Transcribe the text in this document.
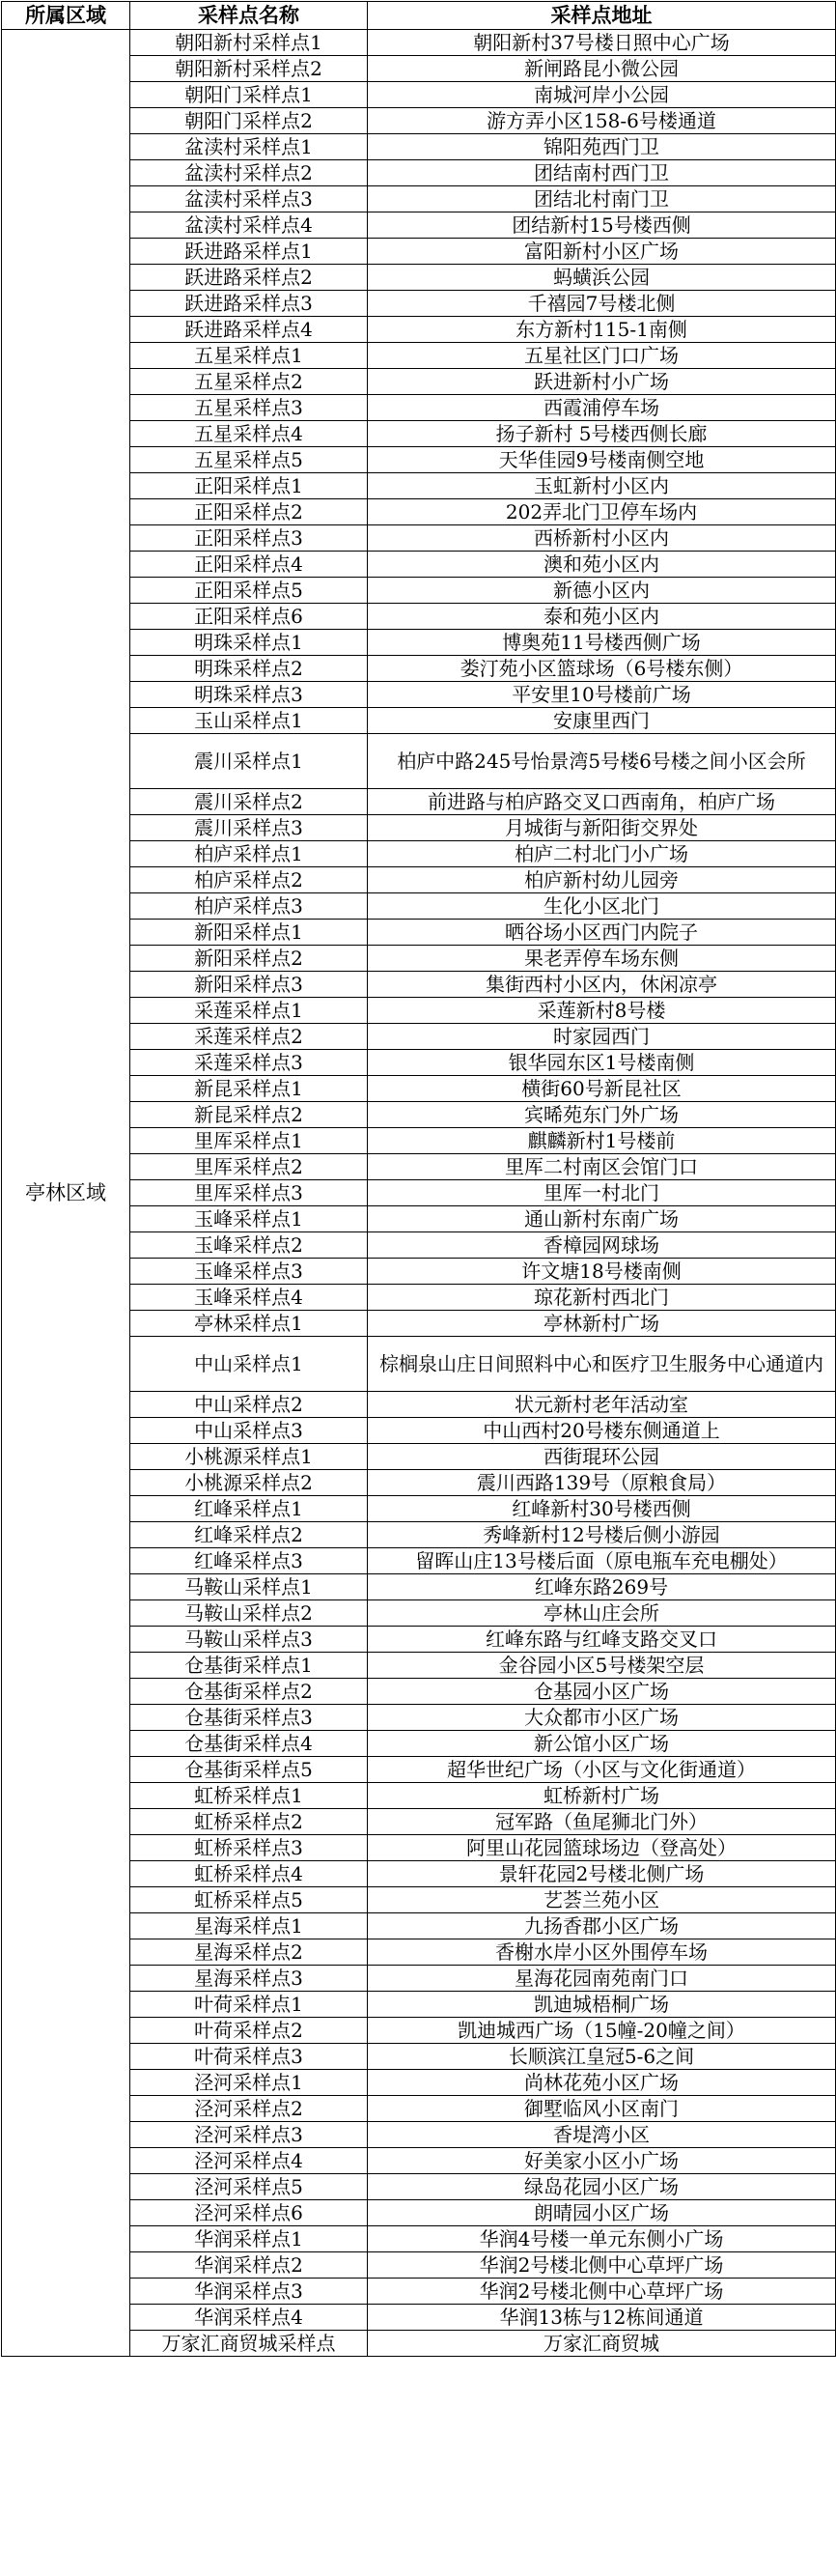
所属区域	采样点名称	采样点地址
亭林区域	朝阳新村采样点1	朝阳新村37号楼日照中心广场
	朝阳新村采样点2	新闸路昆小微公园
	朝阳门采样点1	南城河岸小公园
	朝阳门采样点2	游方弄小区158-6号楼通道
	盆渎村采样点1	锦阳苑西门卫
	盆渎村采样点2	团结南村西门卫
	盆渎村采样点3	团结北村南门卫
	盆渎村采样点4	团结新村15号楼西侧
	跃进路采样点1	富阳新村小区广场
	跃进路采样点2	蚂蟥浜公园
	跃进路采样点3	千禧园7号楼北侧
	跃进路采样点4	东方新村115-1南侧
	五星采样点1	五星社区门口广场
	五星采样点2	跃进新村小广场
	五星采样点3	西霞浦停车场
	五星采样点4	扬子新村 5号楼西侧长廊
	五星采样点5	天华佳园9号楼南侧空地
	正阳采样点1	玉虹新村小区内
	正阳采样点2	202弄北门卫停车场内
	正阳采样点3	西桥新村小区内
	正阳采样点4	澳和苑小区内
	正阳采样点5	新德小区内
	正阳采样点6	泰和苑小区内
	明珠采样点1	博奥苑11号楼西侧广场
	明珠采样点2	娄汀苑小区篮球场（6号楼东侧）
	明珠采样点3	平安里10号楼前广场
	玉山采样点1	安康里西门
	震川采样点1	柏庐中路245号怡景湾5号楼6号楼之间小区会所
	震川采样点2	前进路与柏庐路交叉口西南角，柏庐广场
	震川采样点3	月城街与新阳街交界处
	柏庐采样点1	柏庐二村北门小广场
	柏庐采样点2	柏庐新村幼儿园旁
	柏庐采样点3	生化小区北门
	新阳采样点1	晒谷场小区西门内院子
	新阳采样点2	果老弄停车场东侧
	新阳采样点3	集街西村小区内，休闲凉亭
	采莲采样点1	采莲新村8号楼
	采莲采样点2	时家园西门
	采莲采样点3	银华园东区1号楼南侧
	新昆采样点1	横街60号新昆社区
	新昆采样点2	宾晞苑东门外广场
	里厍采样点1	麒麟新村1号楼前
	里厍采样点2	里厍二村南区会馆门口
	里厍采样点3	里厍一村北门
	玉峰采样点1	通山新村东南广场
	玉峰采样点2	香樟园网球场
	玉峰采样点3	许文塘18号楼南侧
	玉峰采样点4	琼花新村西北门
	亭林采样点1	亭林新村广场
	中山采样点1	棕榈泉山庄日间照料中心和医疗卫生服务中心通道内
	中山采样点2	状元新村老年活动室
	中山采样点3	中山西村20号楼东侧通道上
	小桃源采样点1	西街琨环公园
	小桃源采样点2	震川西路139号（原粮食局）
	红峰采样点1	红峰新村30号楼西侧
	红峰采样点2	秀峰新村12号楼后侧小游园
	红峰采样点3	留晖山庄13号楼后面（原电瓶车充电棚处）
	马鞍山采样点1	红峰东路269号
	马鞍山采样点2	亭林山庄会所
	马鞍山采样点3	红峰东路与红峰支路交叉口
	仓基街采样点1	金谷园小区5号楼架空层
	仓基街采样点2	仓基园小区广场
	仓基街采样点3	大众都市小区广场
	仓基街采样点4	新公馆小区广场
	仓基街采样点5	超华世纪广场（小区与文化街通道）
	虹桥采样点1	虹桥新村广场
	虹桥采样点2	冠军路（鱼尾狮北门外）
	虹桥采样点3	阿里山花园篮球场边（登高处）
	虹桥采样点4	景轩花园2号楼北侧广场
	虹桥采样点5	艺荟兰苑小区
	星海采样点1	九扬香郡小区广场
	星海采样点2	香榭水岸小区外围停车场
	星海采样点3	星海花园南苑南门口
	叶荷采样点1	凯迪城梧桐广场
	叶荷采样点2	凯迪城西广场（15幢-20幢之间）
	叶荷采样点3	长顺滨江皇冠5-6之间
	泾河采样点1	尚林花苑小区广场
	泾河采样点2	御墅临风小区南门
	泾河采样点3	香堤湾小区
	泾河采样点4	好美家小区小广场
	泾河采样点5	绿岛花园小区广场
	泾河采样点6	朗晴园小区广场
	华润采样点1	华润4号楼一单元东侧小广场
	华润采样点2	华润2号楼北侧中心草坪广场
	华润采样点3	华润2号楼北侧中心草坪广场
	华润采样点4	华润13栋与12栋间通道
	万家汇商贸城采样点	万家汇商贸城
